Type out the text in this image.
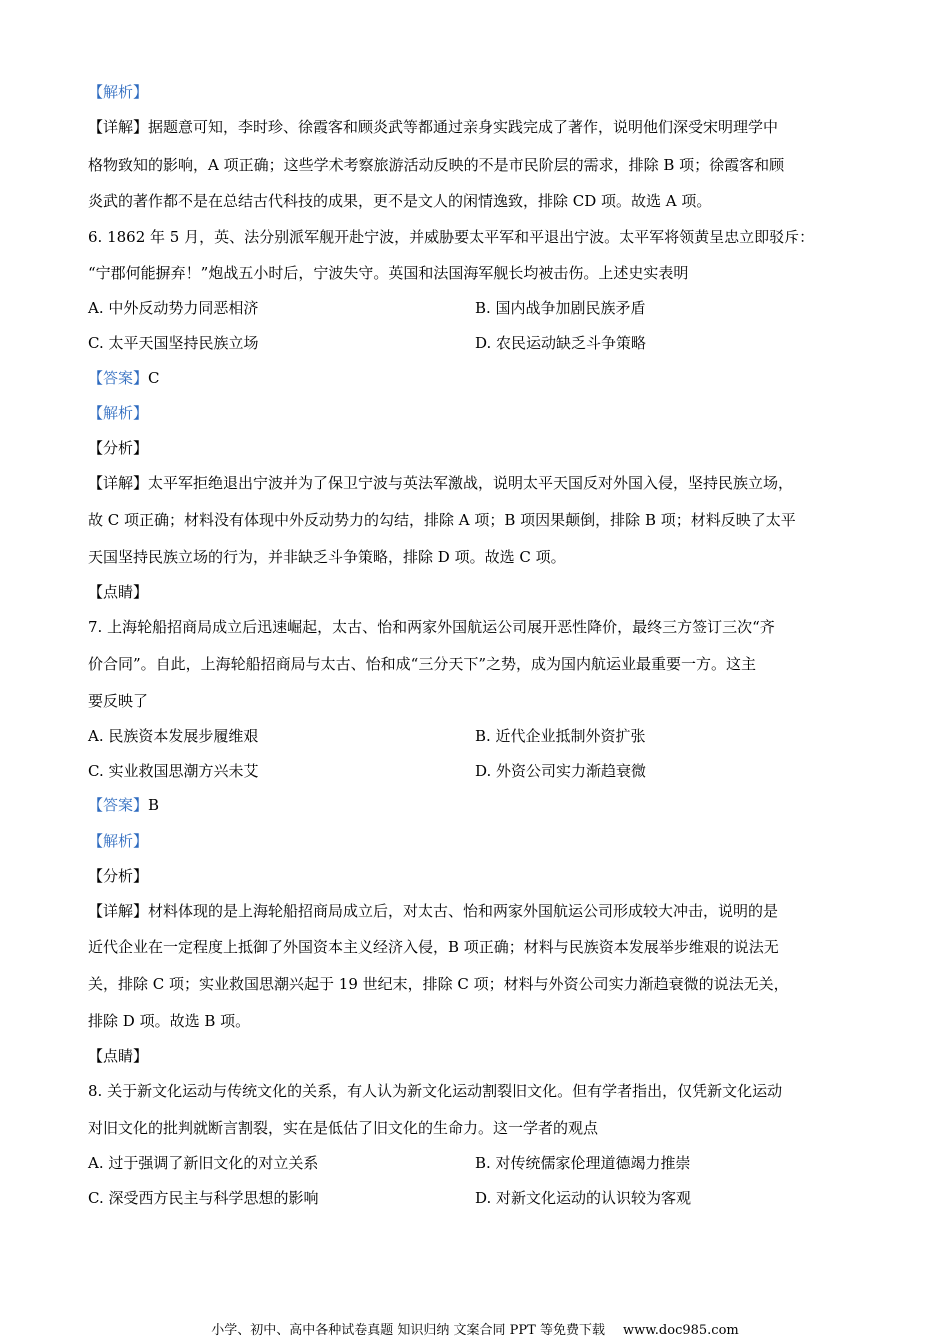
【解析】
【详解】据题意可知，李时珍、徐霞客和顾炎武等都通过亲身实践完成了著作，说明他们深受宋明理学中
格物致知的影响，A 项正确；这些学术考察旅游活动反映的不是市民阶层的需求，排除 B 项；徐霞客和顾
炎武的著作都不是在总结古代科技的成果，更不是文人的闲情逸致，排除 CD 项。故选 A 项。
6. 1862 年 5 月，英、法分别派军舰开赴宁波，并威胁要太平军和平退出宁波。太平军将领黄呈忠立即驳斥：
“宁郡何能摒弃！”炮战五小时后，宁波失守。英国和法国海军舰长均被击伤。上述史实表明
A. 中外反动势力同恶相济	B. 国内战争加剧民族矛盾
C. 太平天国坚持民族立场	D. 农民运动缺乏斗争策略
【答案】C
【解析】
【分析】
【详解】太平军拒绝退出宁波并为了保卫宁波与英法军激战，说明太平天国反对外国入侵，坚持民族立场，
故 C 项正确；材料没有体现中外反动势力的勾结，排除 A 项；B 项因果颠倒，排除 B 项；材料反映了太平
天国坚持民族立场的行为，并非缺乏斗争策略，排除 D 项。故选 C 项。
【点睛】
7. 上海轮船招商局成立后迅速崛起，太古、怡和两家外国航运公司展开恶性降价，最终三方签订三次“齐
价合同”。自此，上海轮船招商局与太古、怡和成“三分天下”之势，成为国内航运业最重要一方。这主
要反映了
A. 民族资本发展步履维艰	B. 近代企业抵制外资扩张
C. 实业救国思潮方兴未艾	D. 外资公司实力渐趋衰微
【答案】B
【解析】
【分析】
【详解】材料体现的是上海轮船招商局成立后，对太古、怡和两家外国航运公司形成较大冲击，说明的是
近代企业在一定程度上抵御了外国资本主义经济入侵，B 项正确；材料与民族资本发展举步维艰的说法无
关，排除 C 项；实业救国思潮兴起于 19 世纪末，排除 C 项；材料与外资公司实力渐趋衰微的说法无关，
排除 D 项。故选 B 项。
【点睛】
8. 关于新文化运动与传统文化的关系，有人认为新文化运动割裂旧文化。但有学者指出，仅凭新文化运动
对旧文化的批判就断言割裂，实在是低估了旧文化的生命力。这一学者的观点
A. 过于强调了新旧文化的对立关系	B. 对传统儒家伦理道德竭力推崇
C. 深受西方民主与科学思想的影响	D. 对新文化运动的认识较为客观
小学、初中、高中各种试卷真题 知识归纳 文案合同 PPT 等免费下载 www.doc985.com
